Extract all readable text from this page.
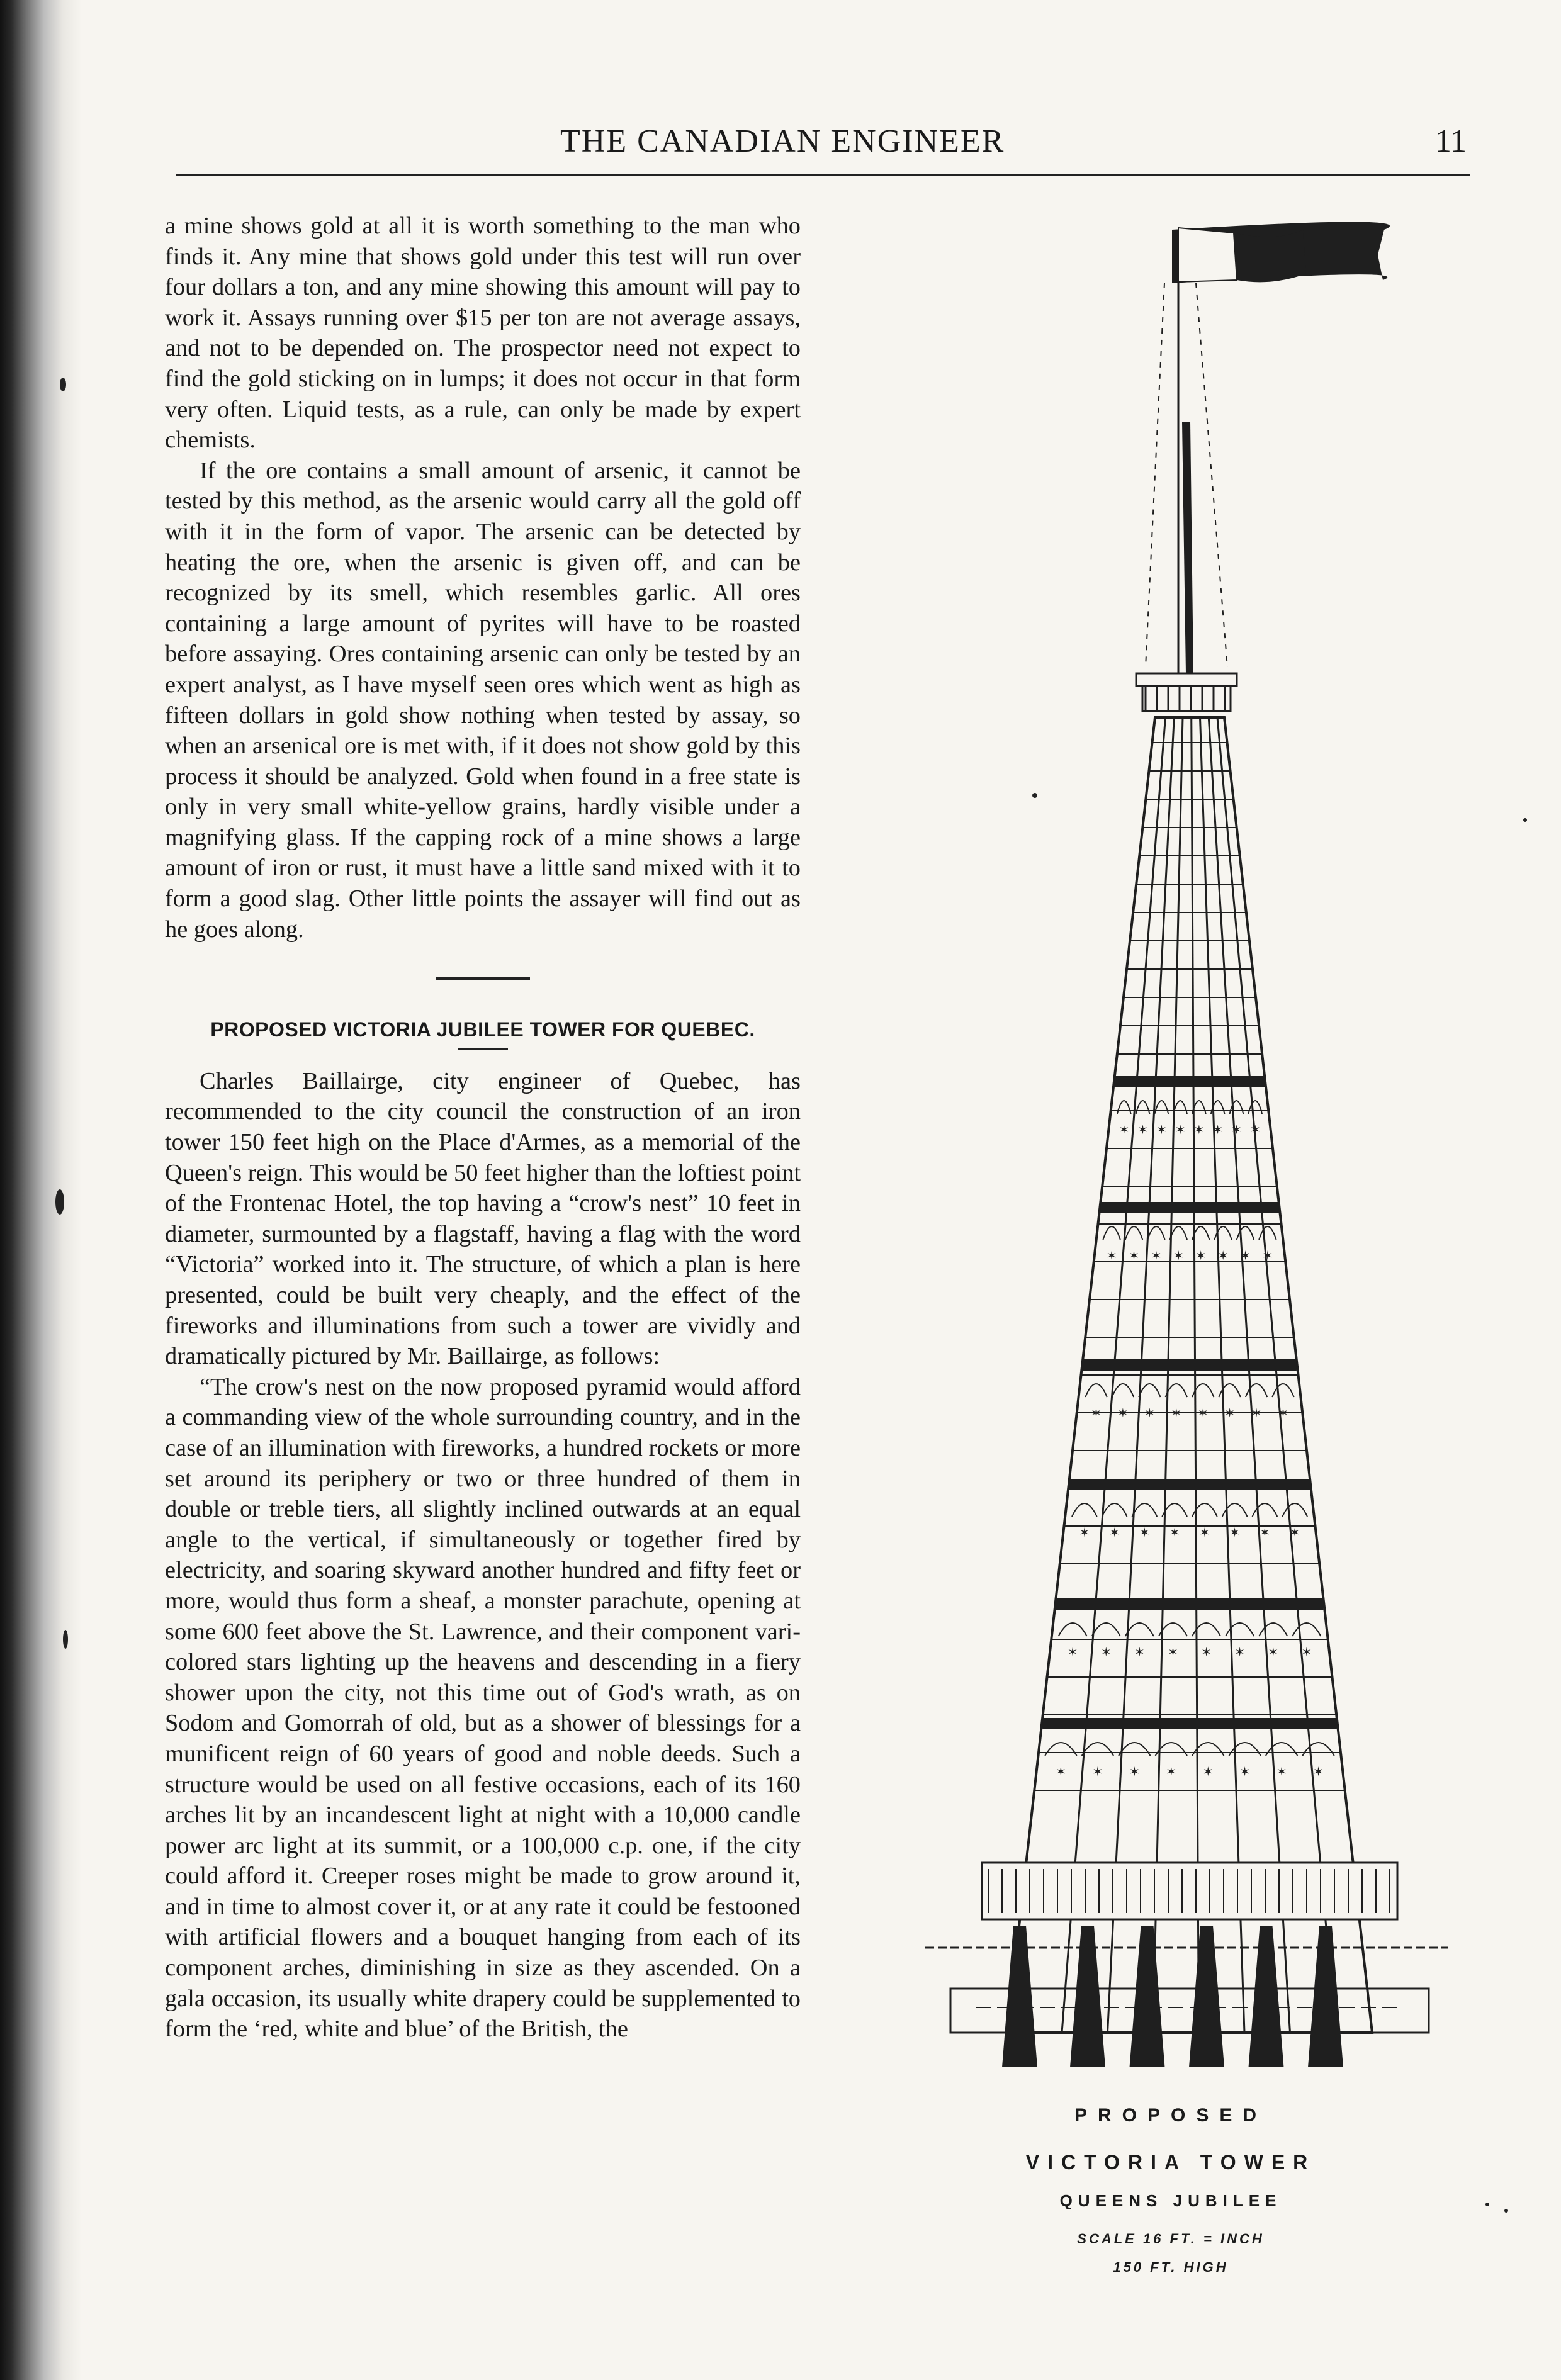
THE CANADIAN ENGINEER	11

a mine shows gold at all it is worth something to the man who finds it. Any mine that shows gold under this test will run over four dollars a ton, and any mine showing this amount will pay to work it. Assays running over $15 per ton are not average assays, and not to be depended on. The prospector need not expect to find the gold sticking on in lumps; it does not occur in that form very often. Liquid tests, as a rule, can only be made by expert chemists.

If the ore contains a small amount of arsenic, it cannot be tested by this method, as the arsenic would carry all the gold off with it in the form of vapor. The arsenic can be detected by heating the ore, when the arsenic is given off, and can be recognized by its smell, which resembles garlic. All ores containing a large amount of pyrites will have to be roasted before assaying. Ores containing arsenic can only be tested by an expert analyst, as I have myself seen ores which went as high as fifteen dollars in gold show nothing when tested by assay, so when an arsenical ore is met with, if it does not show gold by this process it should be analyzed. Gold when found in a free state is only in very small white-yellow grains, hardly visible under a magnifying glass. If the capping rock of a mine shows a large amount of iron or rust, it must have a little sand mixed with it to form a good slag. Other little points the assayer will find out as he goes along.

PROPOSED VICTORIA JUBILEE TOWER FOR QUEBEC.

Charles Baillairge, city engineer of Quebec, has recommended to the city council the construction of an iron tower 150 feet high on the Place d'Armes, as a memorial of the Queen's reign. This would be 50 feet higher than the loftiest point of the Frontenac Hotel, the top having a “crow's nest” 10 feet in diameter, surmounted by a flagstaff, having a flag with the word “Victoria” worked into it. The structure, of which a plan is here presented, could be built very cheaply, and the effect of the fireworks and illuminations from such a tower are vividly and dramatically pictured by Mr. Baillairge, as follows:

“The crow's nest on the now proposed pyramid would afford a commanding view of the whole surrounding country, and in the case of an illumination with fireworks, a hundred rockets or more set around its periphery or two or three hundred of them in double or treble tiers, all slightly inclined outwards at an equal angle to the vertical, if simultaneously or together fired by electricity, and soaring skyward another hundred and fifty feet or more, would thus form a sheaf, a monster parachute, opening at some 600 feet above the St. Lawrence, and their component vari-colored stars lighting up the heavens and descending in a fiery shower upon the city, not this time out of God's wrath, as on Sodom and Gomorrah of old, but as a shower of blessings for a munificent reign of 60 years of good and noble deeds. Such a structure would be used on all festive occasions, each of its 160 arches lit by an incandescent light at night with a 10,000 candle power arc light at its summit, or a 100,000 c.p. one, if the city could afford it. Creeper roses might be made to grow around it, and in time to almost cover it, or at any rate it could be festooned with artificial flowers and a bouquet hanging from each of its component arches, diminishing in size as they ascended. On a gala occasion, its usually white drapery could be supplemented to form the ‘red, white and blue’ of the British, the

✶ ✶ ✶ ✶ ✶ ✶ ✶ ✶
✶ ✶ ✶ ✶ ✶ ✶ ✶ ✶
✶ ✶ ✶ ✶ ✶ ✶ ✶ ✶
✶ ✶ ✶ ✶ ✶ ✶ ✶ ✶
✶ ✶ ✶ ✶ ✶ ✶ ✶ ✶
✶ ✶ ✶ ✶ ✶ ✶ ✶ ✶
PROPOSED
VICTORIA TOWER
QUEENS JUBILEE
SCALE 16 FT. = INCH
150 FT. HIGH
